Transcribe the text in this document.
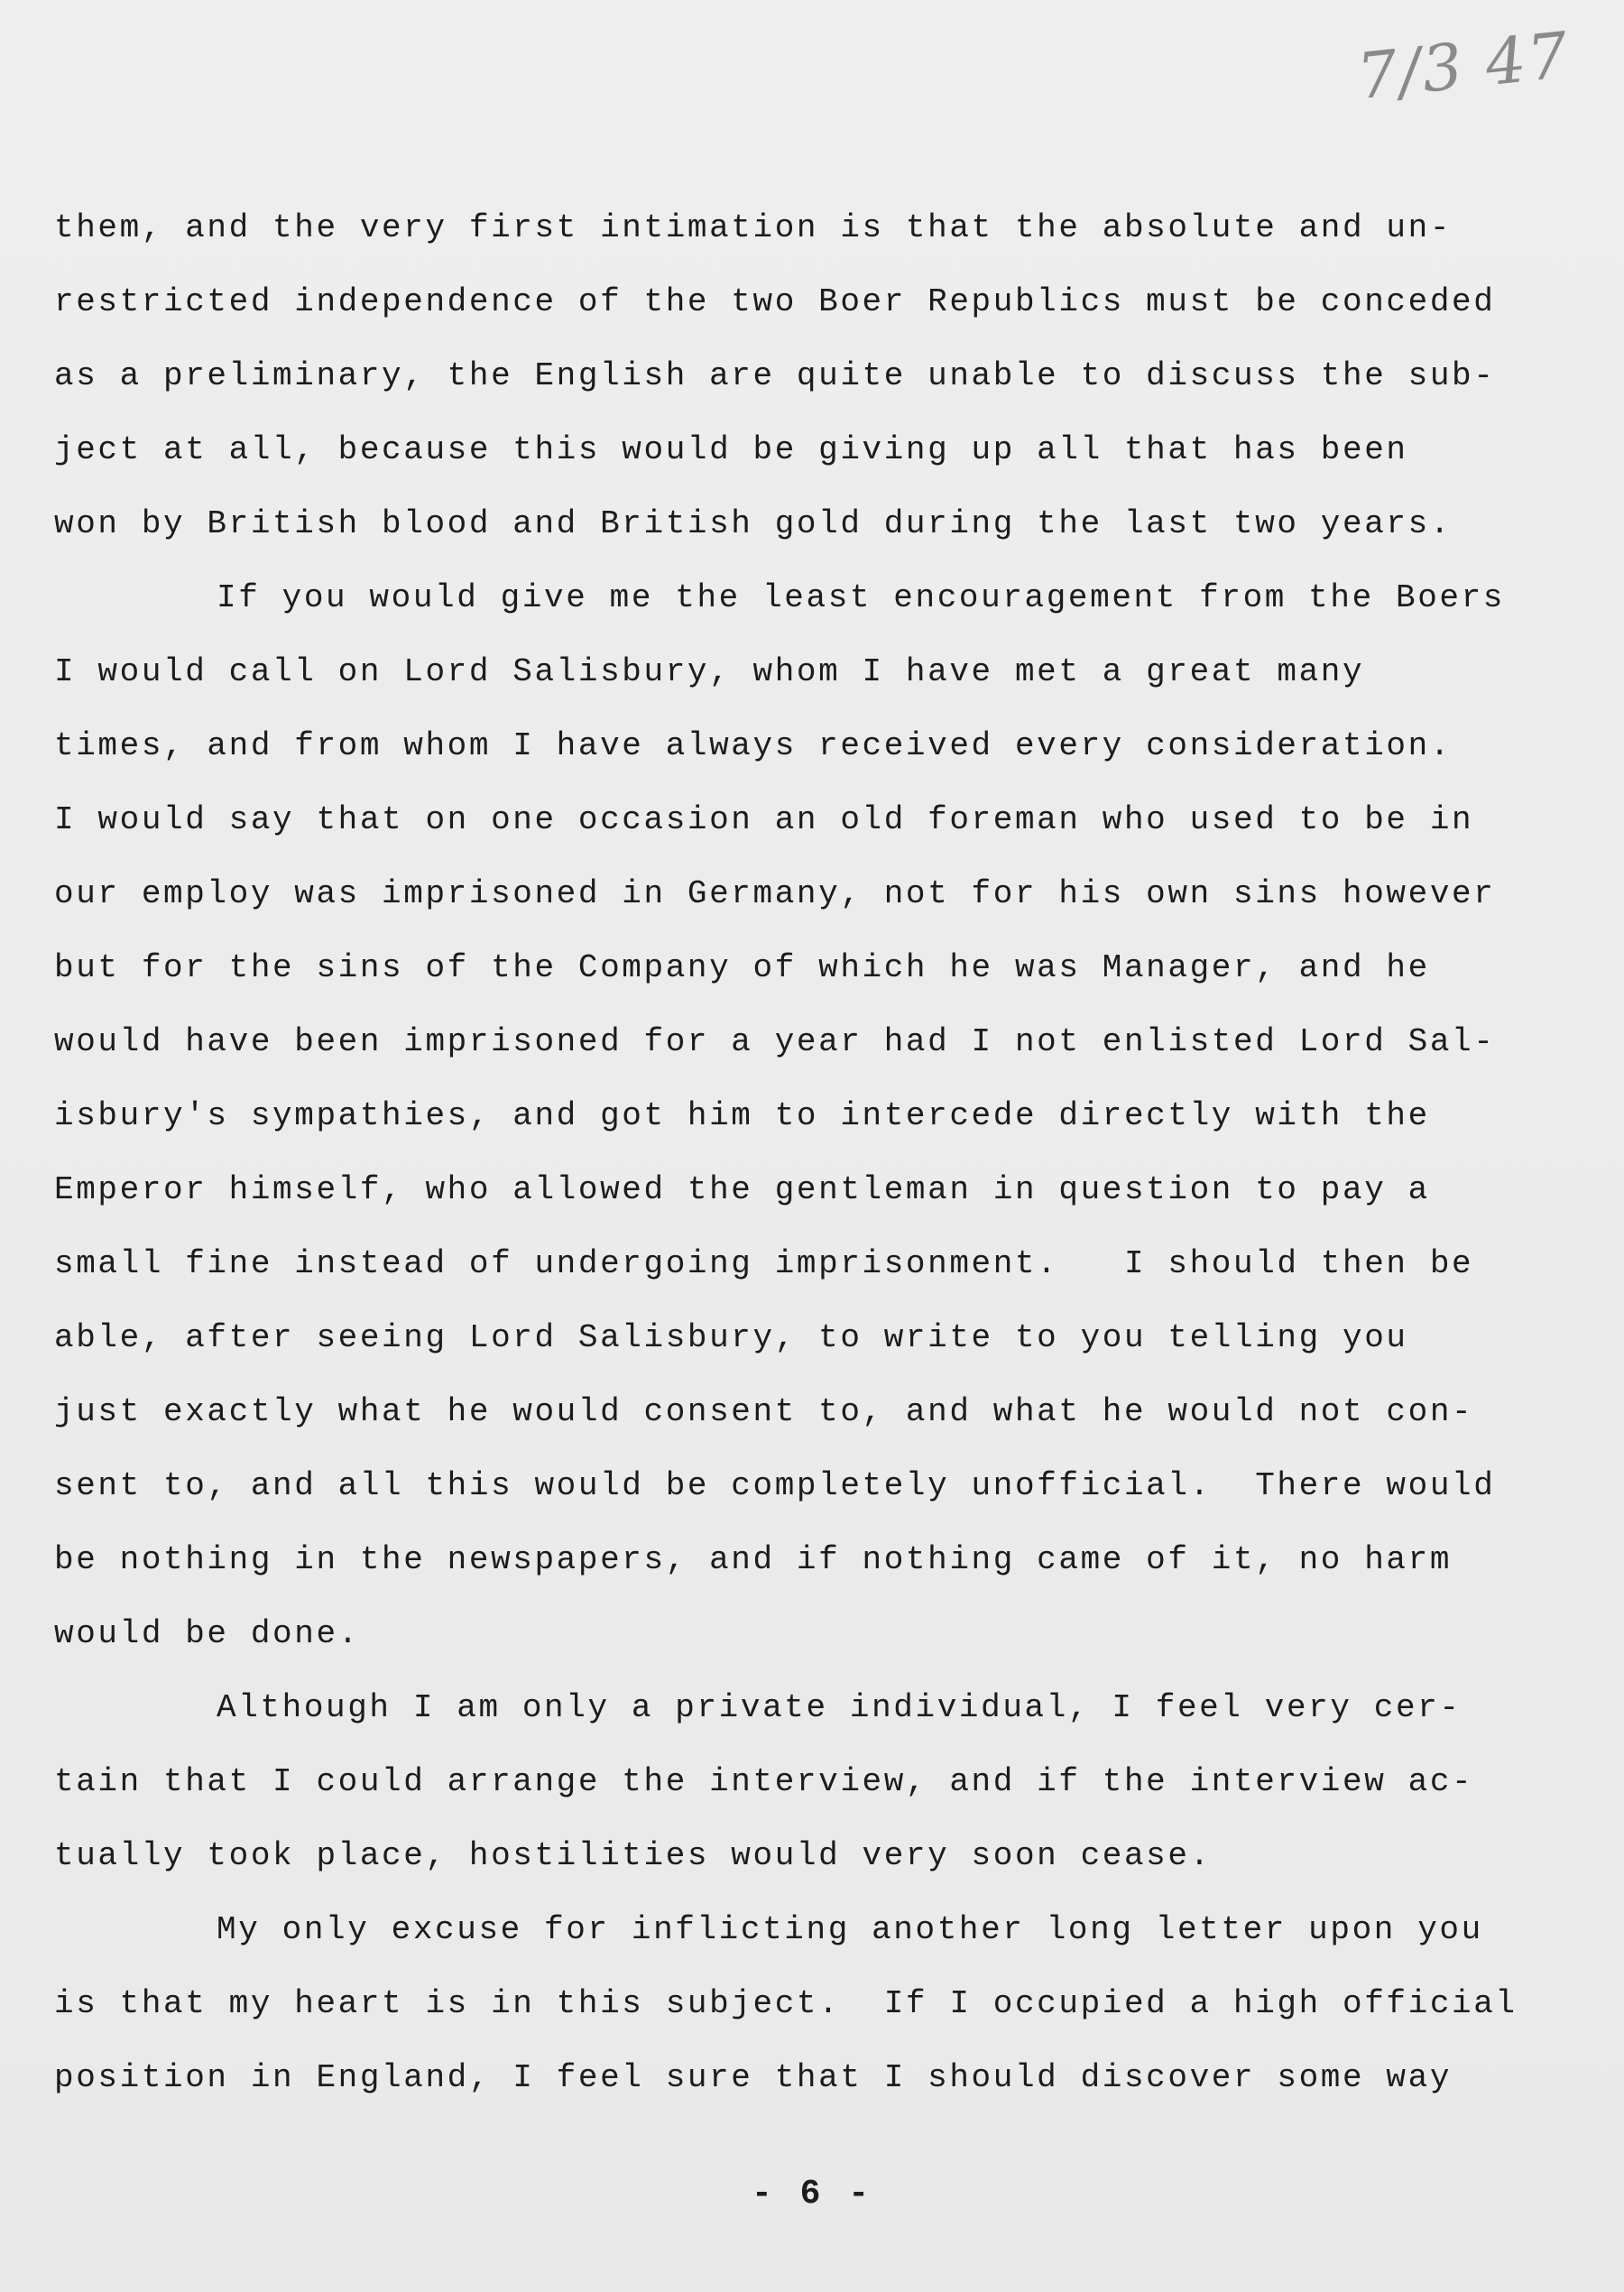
7/3 47
them, and the very first intimation is that the absolute and un-
restricted independence of the two Boer Republics must be conceded
as a preliminary, the English are quite unable to discuss the sub-
ject at all, because this would be giving up all that has been
won by British blood and British gold during the last two years.
If you would give me the least encouragement from the Boers
I would call on Lord Salisbury, whom I have met a great many
times, and from whom I have always received every consideration.
I would say that on one occasion an old foreman who used to be in
our employ was imprisoned in Germany, not for his own sins however
but for the sins of the Company of which he was Manager, and he
would have been imprisoned for a year had I not enlisted Lord Sal-
isbury's sympathies, and got him to intercede directly with the
Emperor himself, who allowed the gentleman in question to pay a
small fine instead of undergoing imprisonment.   I should then be
able, after seeing Lord Salisbury, to write to you telling you
just exactly what he would consent to, and what he would not con-
sent to, and all this would be completely unofficial.  There would
be nothing in the newspapers, and if nothing came of it, no harm
would be done.
Although I am only a private individual, I feel very cer-
tain that I could arrange the interview, and if the interview ac-
tually took place, hostilities would very soon cease.
My only excuse for inflicting another long letter upon you
is that my heart is in this subject.  If I occupied a high official
position in England, I feel sure that I should discover some way
- 6 -
